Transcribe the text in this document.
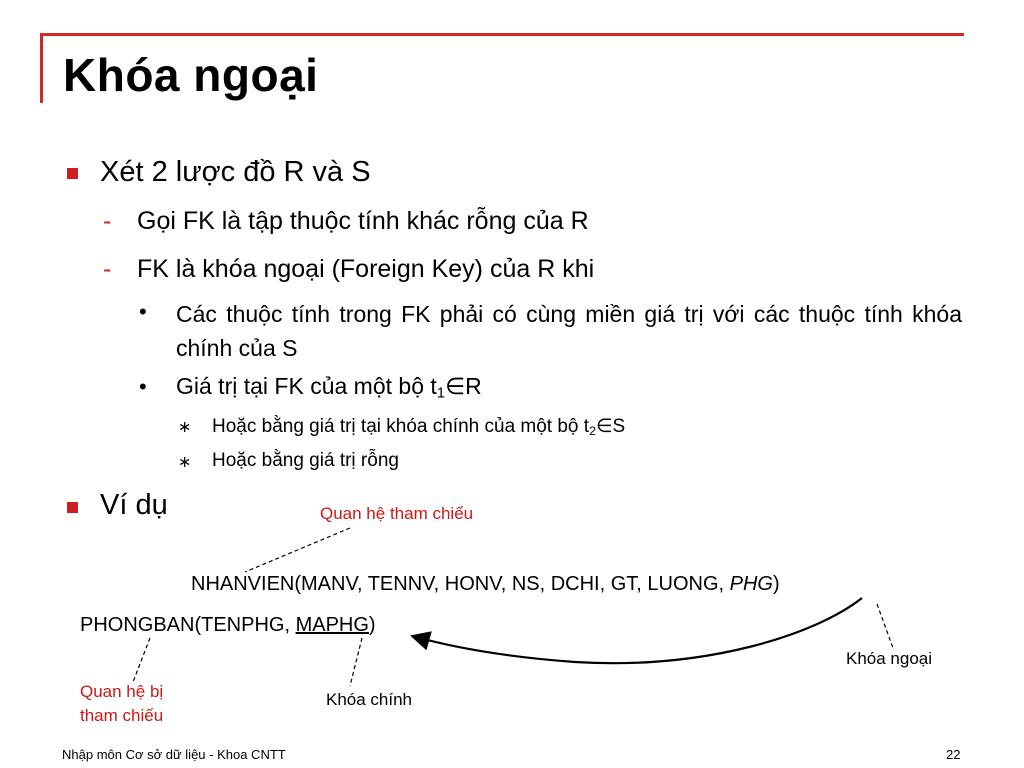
Khóa ngoại
Xét 2 lược đồ R và S
- Gọi FK là tập thuộc tính khác rỗng của R
- FK là khóa ngoại (Foreign Key) của R khi
• Các thuộc tính trong FK phải có cùng miền giá trị với các thuộc tính khóa chính của S
• Giá trị tại FK của một bộ $t_1\in R$
∗ Hoặc bằng giá trị tại khóa chính của một bộ $t_2\in S$
∗ Hoặc bằng giá trị rỗng
Ví dụ
NHANVIEN(MANV, TENNV, HONV, NS, DCHI, GT, LUONG, PHG)
PHONGBAN(TENPHG, MAPHG)
Quan hệ tham chiếu
Khóa ngoại
Quan hệ bị
tham chiếu
Khóa chính
Nhập môn Cơ sở dữ liệu - Khoa CNTT	22
